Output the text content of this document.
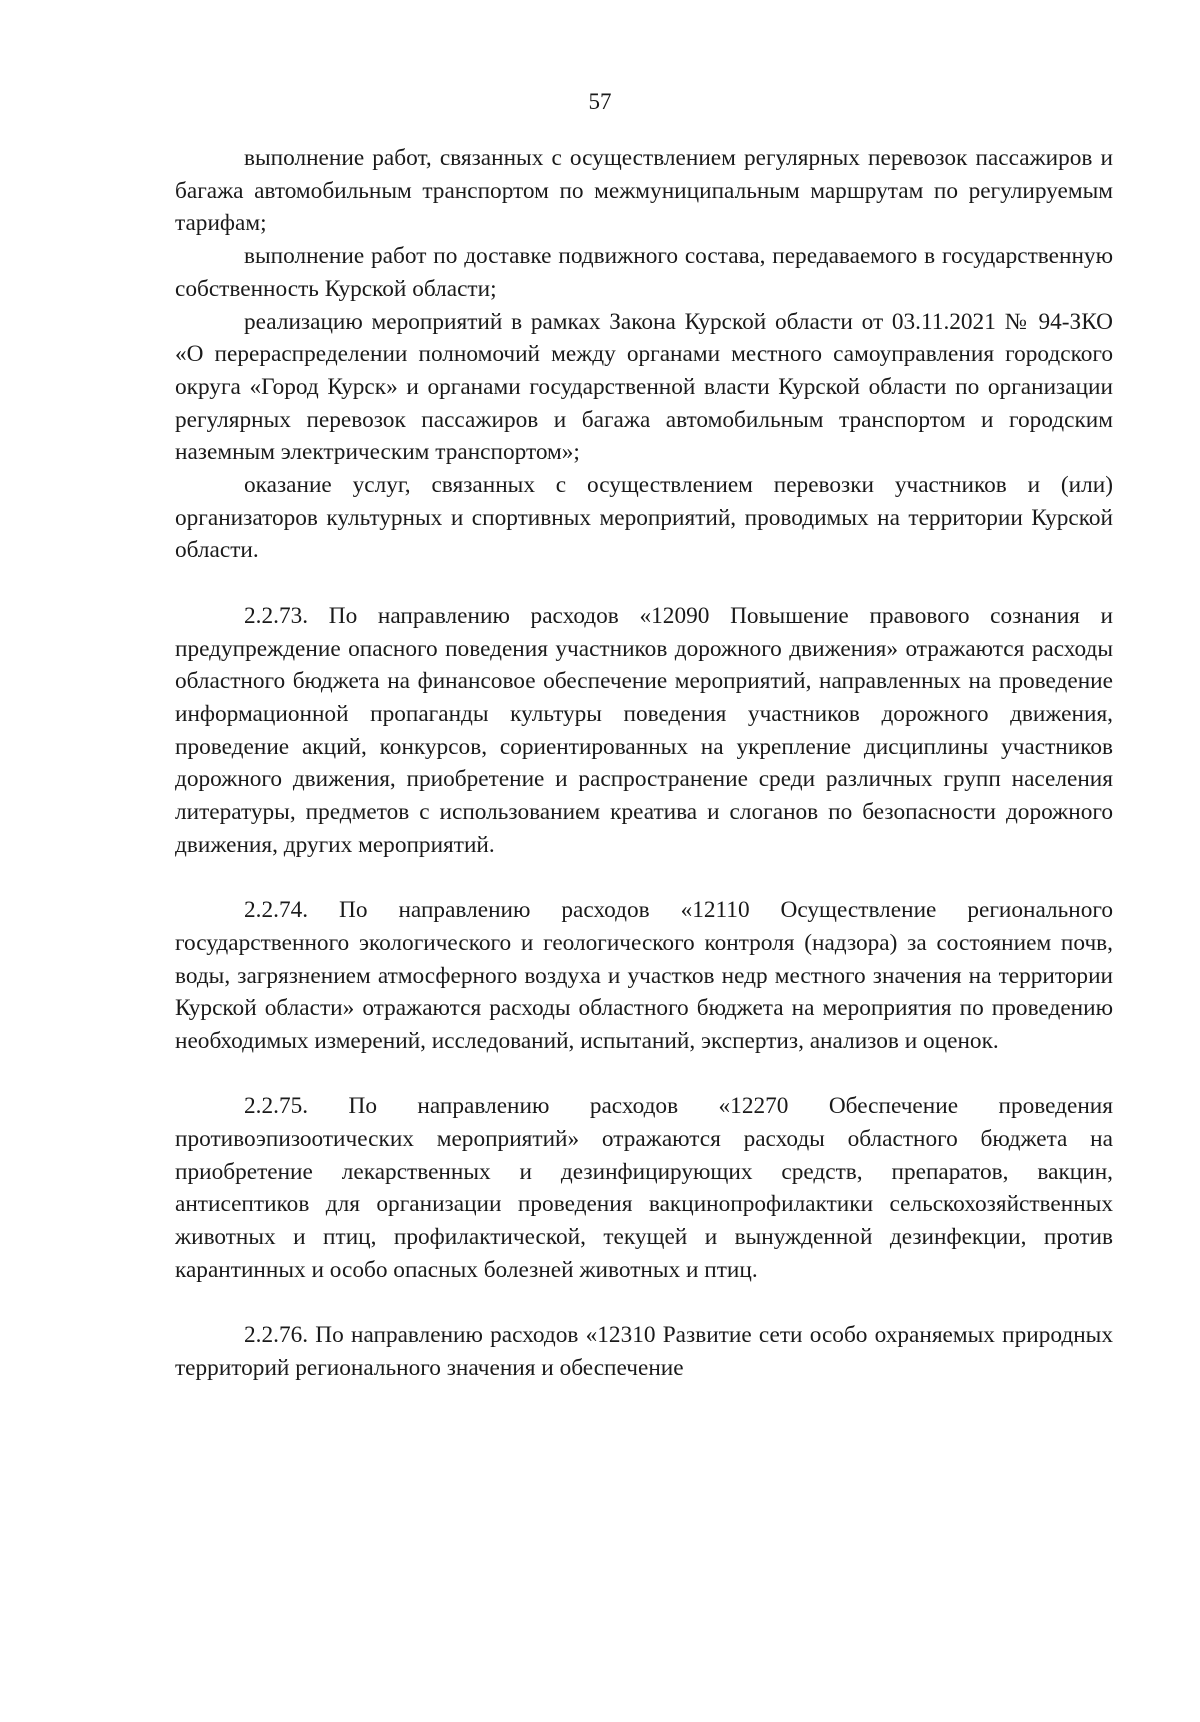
57

выполнение работ, связанных с осуществлением регулярных перевозок пассажиров и багажа автомобильным транспортом по межмуниципальным маршрутам по регулируемым тарифам;

выполнение работ по доставке подвижного состава, передаваемого в государственную собственность Курской области;

реализацию мероприятий в рамках Закона Курской области от 03.11.2021 № 94-ЗКО «О перераспределении полномочий между органами местного самоуправления городского округа «Город Курск» и органами государственной власти Курской области по организации регулярных перевозок пассажиров и багажа автомобильным транспортом и городским наземным электрическим транспортом»;

оказание услуг, связанных с осуществлением перевозки участников и (или) организаторов культурных и спортивных мероприятий, проводимых на территории Курской области.

2.2.73. По направлению расходов «12090 Повышение правового сознания и предупреждение опасного поведения участников дорожного движения» отражаются расходы областного бюджета на финансовое обеспечение мероприятий, направленных на проведение информационной пропаганды культуры поведения участников дорожного движения, проведение акций, конкурсов, сориентированных на укрепление дисциплины участников дорожного движения, приобретение и распространение среди различных групп населения литературы, предметов с использованием креатива и слоганов по безопасности дорожного движения, других мероприятий.

2.2.74. По направлению расходов «12110 Осуществление регионального государственного экологического и геологического контроля (надзора) за состоянием почв, воды, загрязнением атмосферного воздуха и участков недр местного значения на территории Курской области» отражаются расходы областного бюджета на мероприятия по проведению необходимых измерений, исследований, испытаний, экспертиз, анализов и оценок.

2.2.75. По направлению расходов «12270 Обеспечение проведения противоэпизоотических мероприятий» отражаются расходы областного бюджета на приобретение лекарственных и дезинфицирующих средств, препаратов, вакцин, антисептиков для организации проведения вакцинопрофилактики сельскохозяйственных животных и птиц, профилактической, текущей и вынужденной дезинфекции, против карантинных и особо опасных болезней животных и птиц.

2.2.76. По направлению расходов «12310 Развитие сети особо охраняемых природных территорий регионального значения и обеспечение
